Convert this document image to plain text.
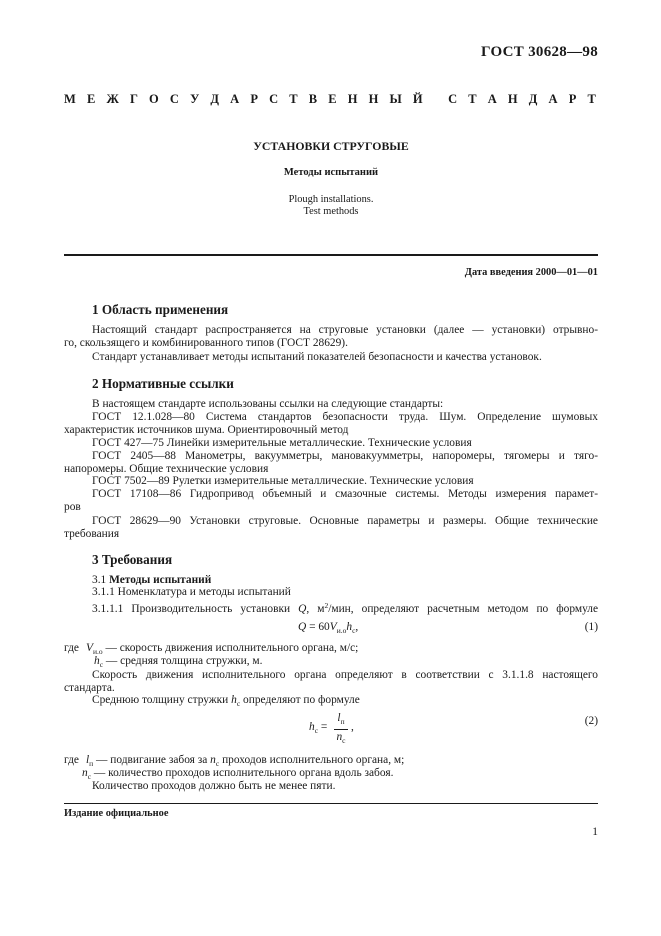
ГОСТ 30628—98
М Е Ж Г О С У Д А Р С Т В Е Н Н Ы Й
С Т А Н Д А Р Т
УСТАНОВКИ СТРУГОВЫЕ
Методы испытаний
Plough installations.
Test methods
Дата введения 2000—01—01
1 Область применения
Настоящий стандарт распространяется на струговые установки (далее — установки) отрывно-
го, скользящего и комбинированного типов (ГОСТ 28629).
Стандарт устанавливает методы испытаний показателей безопасности и качества установок.
2 Нормативные ссылки
В настоящем стандарте использованы ссылки на следующие стандарты:
ГОСТ 12.1.028—80 Система стандартов безопасности труда. Шум. Определение шумовых
характеристик источников шума. Ориентировочный метод
ГОСТ 427—75 Линейки измерительные металлические. Технические условия
ГОСТ 2405—88 Манометры, вакуумметры, мановакуумметры, напоромеры, тягомеры и тяго-
напоромеры. Общие технические условия
ГОСТ 7502—89 Рулетки измерительные металлические. Технические условия
ГОСТ 17108—86 Гидропривод объемный и смазочные системы. Методы измерения парамет-
ров
ГОСТ 28629—90 Установки струговые. Основные параметры и размеры. Общие технические
требования
3 Требования
3.1 Методы испытаний
3.1.1 Номенклатура и методы испытаний
3.1.1.1 Производительность установки Q, $м^2$/мин, определяют расчетным методом по формуле
$Q = 60V_{и.о}h_c$,	(1)
где $V_{и.о}$ — скорость движения исполнительного органа, м/с;
$h_c$ — средняя толщина стружки, м.
Скорость движения исполнительного органа определяют в соответствии с 3.1.1.8 настоящего
стандарта.
Среднюю толщину стружки $h_c$ определяют по формуле
$h_c$ =
$l_п$
$n_c$
,	(2)
где $l_п$ — подвигание забоя за $n_c$ проходов исполнительного органа, м;
$n_c$ — количество проходов исполнительного органа вдоль забоя.
Количество проходов должно быть не менее пяти.
Издание официальное
1
